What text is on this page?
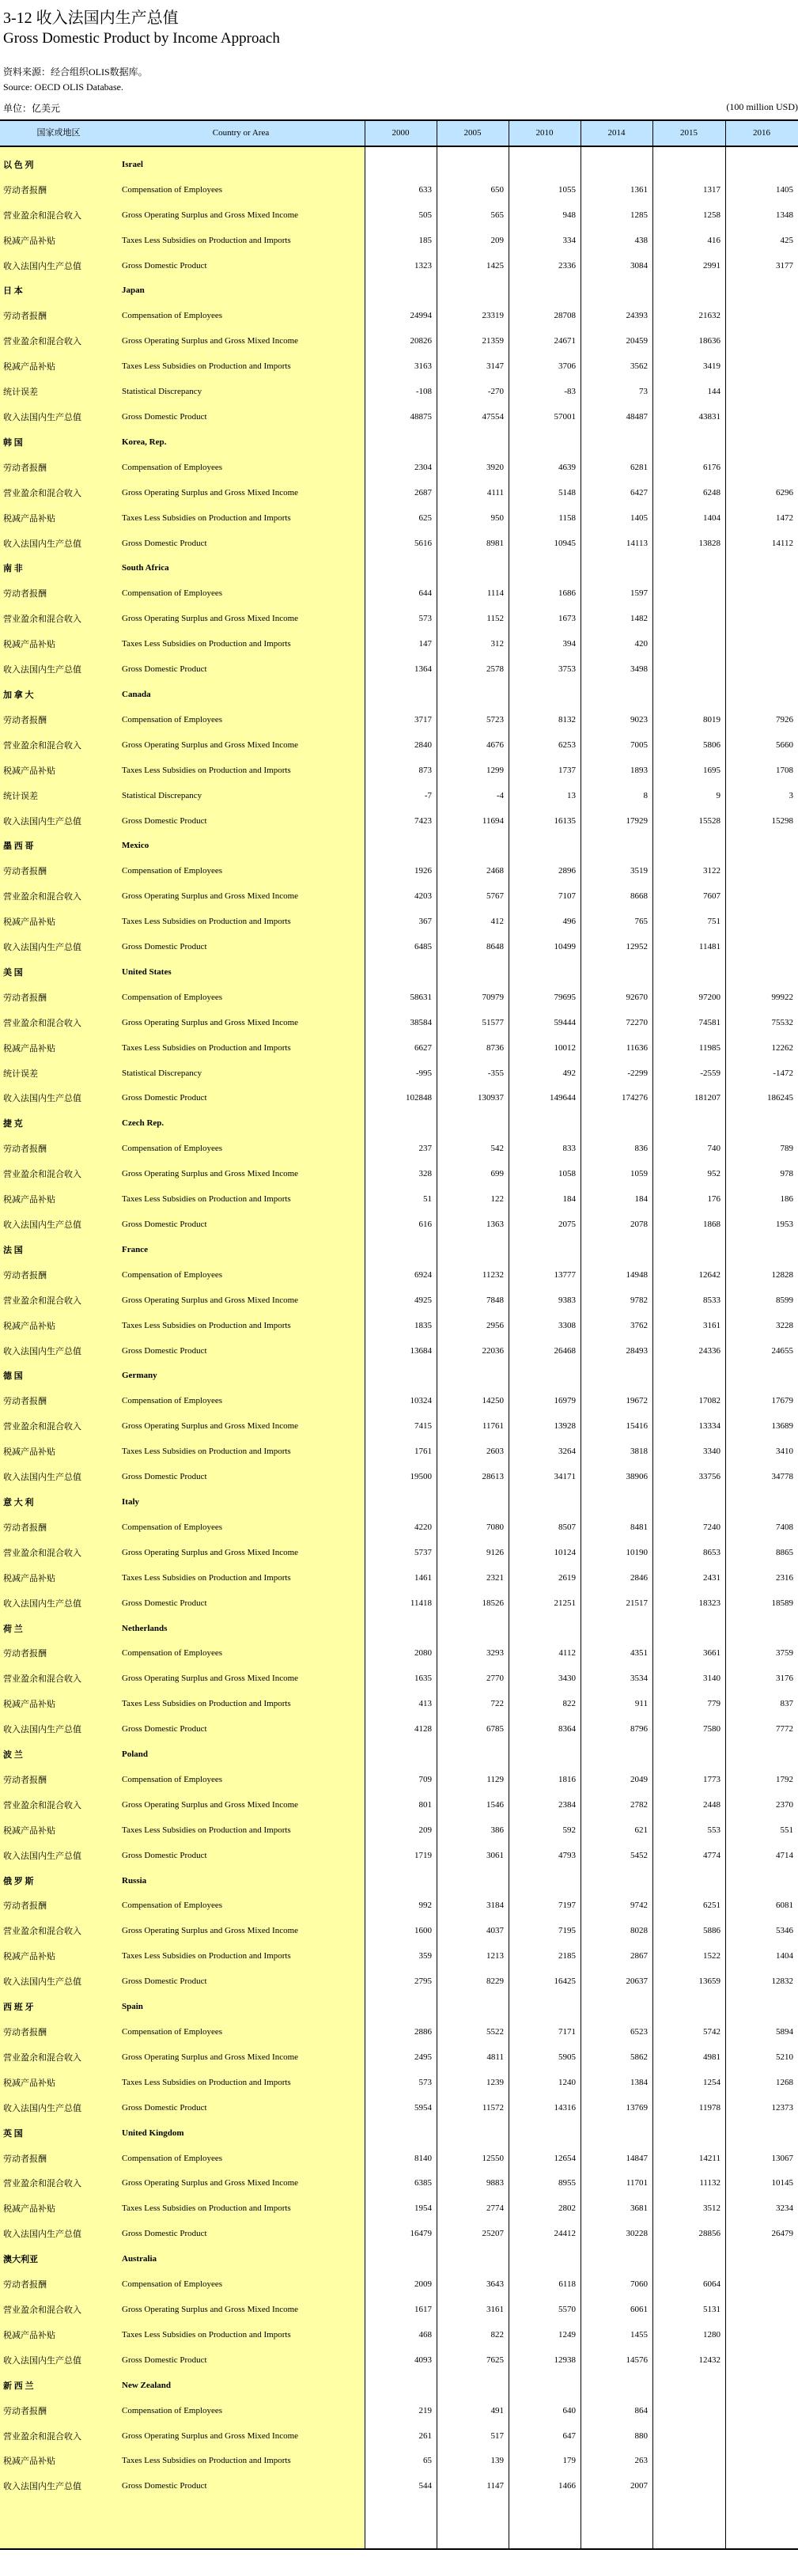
3-12 收入法国内生产总值
Gross Domestic Product by Income Approach
资料来源：经合组织OLIS数据库。
Source: OECD OLIS Database.
单位：亿美元	(100 million USD)
国家或地区	Country or Area	2000	2005	2010	2014	2015	2016
以 色 列	Israel						
劳动者报酬	Compensation of Employees	633	650	1055	1361	1317	1405
营业盈余和混合收入	Gross Operating Surplus and Gross Mixed Income	505	565	948	1285	1258	1348
税减产品补贴	Taxes Less Subsidies on Production and Imports	185	209	334	438	416	425
收入法国内生产总值	Gross Domestic Product	1323	1425	2336	3084	2991	3177
日 本	Japan						
劳动者报酬	Compensation of Employees	24994	23319	28708	24393	21632	
营业盈余和混合收入	Gross Operating Surplus and Gross Mixed Income	20826	21359	24671	20459	18636	
税减产品补贴	Taxes Less Subsidies on Production and Imports	3163	3147	3706	3562	3419	
统计误差	Statistical Discrepancy	-108	-270	-83	73	144	
收入法国内生产总值	Gross Domestic Product	48875	47554	57001	48487	43831	
韩 国	Korea, Rep.						
劳动者报酬	Compensation of Employees	2304	3920	4639	6281	6176	
营业盈余和混合收入	Gross Operating Surplus and Gross Mixed Income	2687	4111	5148	6427	6248	6296
税减产品补贴	Taxes Less Subsidies on Production and Imports	625	950	1158	1405	1404	1472
收入法国内生产总值	Gross Domestic Product	5616	8981	10945	14113	13828	14112
南 非	South Africa						
劳动者报酬	Compensation of Employees	644	1114	1686	1597		
营业盈余和混合收入	Gross Operating Surplus and Gross Mixed Income	573	1152	1673	1482		
税减产品补贴	Taxes Less Subsidies on Production and Imports	147	312	394	420		
收入法国内生产总值	Gross Domestic Product	1364	2578	3753	3498		
加 拿 大	Canada						
劳动者报酬	Compensation of Employees	3717	5723	8132	9023	8019	7926
营业盈余和混合收入	Gross Operating Surplus and Gross Mixed Income	2840	4676	6253	7005	5806	5660
税减产品补贴	Taxes Less Subsidies on Production and Imports	873	1299	1737	1893	1695	1708
统计误差	Statistical Discrepancy	-7	-4	13	8	9	3
收入法国内生产总值	Gross Domestic Product	7423	11694	16135	17929	15528	15298
墨 西 哥	Mexico						
劳动者报酬	Compensation of Employees	1926	2468	2896	3519	3122	
营业盈余和混合收入	Gross Operating Surplus and Gross Mixed Income	4203	5767	7107	8668	7607	
税减产品补贴	Taxes Less Subsidies on Production and Imports	367	412	496	765	751	
收入法国内生产总值	Gross Domestic Product	6485	8648	10499	12952	11481	
美 国	United States						
劳动者报酬	Compensation of Employees	58631	70979	79695	92670	97200	99922
营业盈余和混合收入	Gross Operating Surplus and Gross Mixed Income	38584	51577	59444	72270	74581	75532
税减产品补贴	Taxes Less Subsidies on Production and Imports	6627	8736	10012	11636	11985	12262
统计误差	Statistical Discrepancy	-995	-355	492	-2299	-2559	-1472
收入法国内生产总值	Gross Domestic Product	102848	130937	149644	174276	181207	186245
捷 克	Czech Rep.						
劳动者报酬	Compensation of Employees	237	542	833	836	740	789
营业盈余和混合收入	Gross Operating Surplus and Gross Mixed Income	328	699	1058	1059	952	978
税减产品补贴	Taxes Less Subsidies on Production and Imports	51	122	184	184	176	186
收入法国内生产总值	Gross Domestic Product	616	1363	2075	2078	1868	1953
法 国	France						
劳动者报酬	Compensation of Employees	6924	11232	13777	14948	12642	12828
营业盈余和混合收入	Gross Operating Surplus and Gross Mixed Income	4925	7848	9383	9782	8533	8599
税减产品补贴	Taxes Less Subsidies on Production and Imports	1835	2956	3308	3762	3161	3228
收入法国内生产总值	Gross Domestic Product	13684	22036	26468	28493	24336	24655
德 国	Germany						
劳动者报酬	Compensation of Employees	10324	14250	16979	19672	17082	17679
营业盈余和混合收入	Gross Operating Surplus and Gross Mixed Income	7415	11761	13928	15416	13334	13689
税减产品补贴	Taxes Less Subsidies on Production and Imports	1761	2603	3264	3818	3340	3410
收入法国内生产总值	Gross Domestic Product	19500	28613	34171	38906	33756	34778
意 大 利	Italy						
劳动者报酬	Compensation of Employees	4220	7080	8507	8481	7240	7408
营业盈余和混合收入	Gross Operating Surplus and Gross Mixed Income	5737	9126	10124	10190	8653	8865
税减产品补贴	Taxes Less Subsidies on Production and Imports	1461	2321	2619	2846	2431	2316
收入法国内生产总值	Gross Domestic Product	11418	18526	21251	21517	18323	18589
荷 兰	Netherlands						
劳动者报酬	Compensation of Employees	2080	3293	4112	4351	3661	3759
营业盈余和混合收入	Gross Operating Surplus and Gross Mixed Income	1635	2770	3430	3534	3140	3176
税减产品补贴	Taxes Less Subsidies on Production and Imports	413	722	822	911	779	837
收入法国内生产总值	Gross Domestic Product	4128	6785	8364	8796	7580	7772
波 兰	Poland						
劳动者报酬	Compensation of Employees	709	1129	1816	2049	1773	1792
营业盈余和混合收入	Gross Operating Surplus and Gross Mixed Income	801	1546	2384	2782	2448	2370
税减产品补贴	Taxes Less Subsidies on Production and Imports	209	386	592	621	553	551
收入法国内生产总值	Gross Domestic Product	1719	3061	4793	5452	4774	4714
俄 罗 斯	Russia						
劳动者报酬	Compensation of Employees	992	3184	7197	9742	6251	6081
营业盈余和混合收入	Gross Operating Surplus and Gross Mixed Income	1600	4037	7195	8028	5886	5346
税减产品补贴	Taxes Less Subsidies on Production and Imports	359	1213	2185	2867	1522	1404
收入法国内生产总值	Gross Domestic Product	2795	8229	16425	20637	13659	12832
西 班 牙	Spain						
劳动者报酬	Compensation of Employees	2886	5522	7171	6523	5742	5894
营业盈余和混合收入	Gross Operating Surplus and Gross Mixed Income	2495	4811	5905	5862	4981	5210
税减产品补贴	Taxes Less Subsidies on Production and Imports	573	1239	1240	1384	1254	1268
收入法国内生产总值	Gross Domestic Product	5954	11572	14316	13769	11978	12373
英 国	United Kingdom						
劳动者报酬	Compensation of Employees	8140	12550	12654	14847	14211	13067
营业盈余和混合收入	Gross Operating Surplus and Gross Mixed Income	6385	9883	8955	11701	11132	10145
税减产品补贴	Taxes Less Subsidies on Production and Imports	1954	2774	2802	3681	3512	3234
收入法国内生产总值	Gross Domestic Product	16479	25207	24412	30228	28856	26479
澳大利亚	Australia						
劳动者报酬	Compensation of Employees	2009	3643	6118	7060	6064	
营业盈余和混合收入	Gross Operating Surplus and Gross Mixed Income	1617	3161	5570	6061	5131	
税减产品补贴	Taxes Less Subsidies on Production and Imports	468	822	1249	1455	1280	
收入法国内生产总值	Gross Domestic Product	4093	7625	12938	14576	12432	
新 西 兰	New Zealand						
劳动者报酬	Compensation of Employees	219	491	640	864		
营业盈余和混合收入	Gross Operating Surplus and Gross Mixed Income	261	517	647	880		
税减产品补贴	Taxes Less Subsidies on Production and Imports	65	139	179	263		
收入法国内生产总值	Gross Domestic Product	544	1147	1466	2007		
